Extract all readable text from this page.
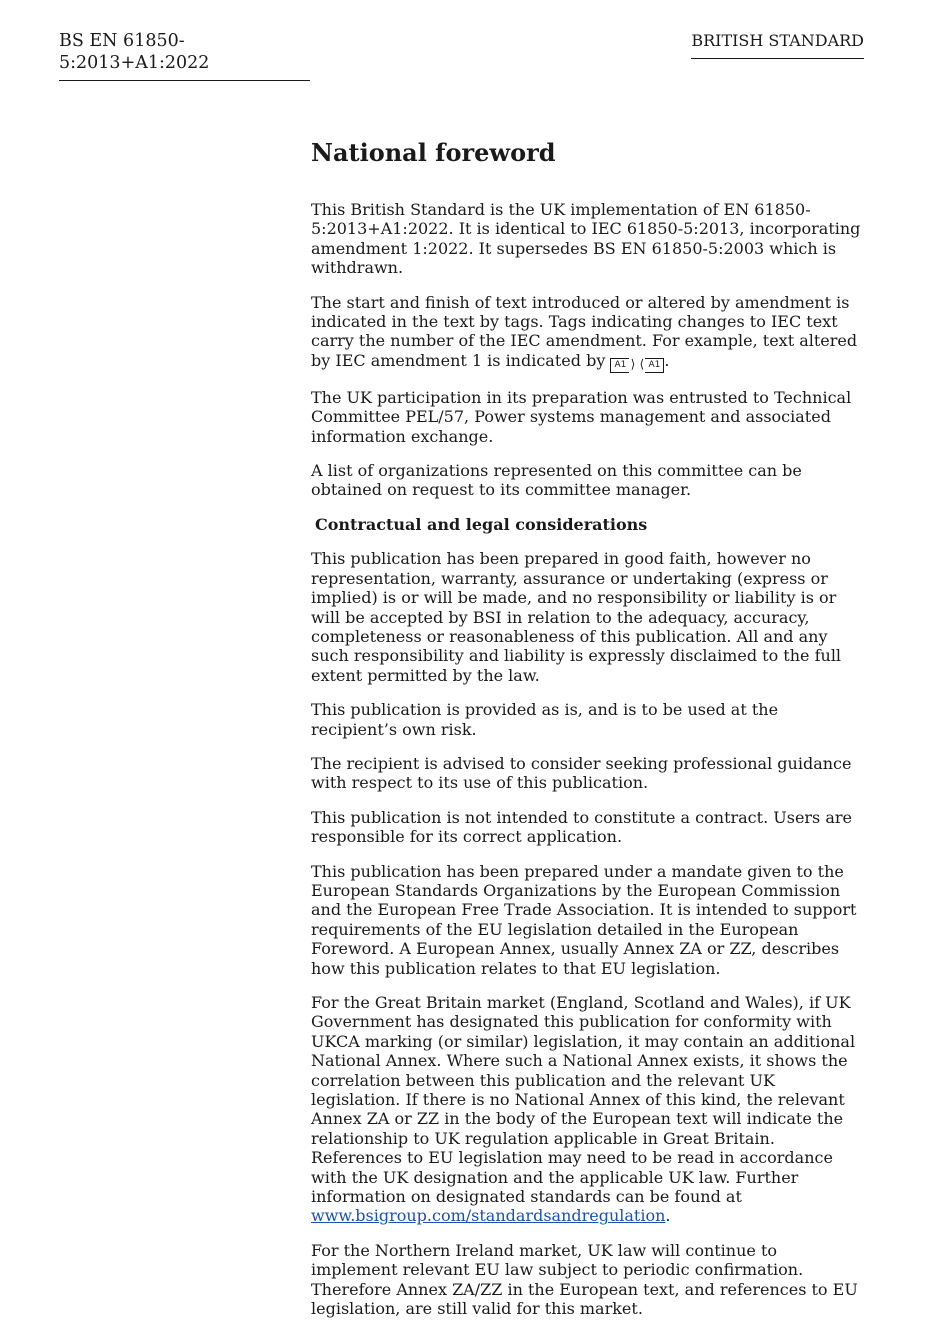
BS EN 61850-5:2013+A1:2022
BRITISH STANDARD
National foreword

This British Standard is the UK implementation of EN 61850-5:2013+A1:2022. It is identical to IEC 61850-5:2013, incorporating amendment 1:2022. It supersedes BS EN 61850-5:2003 which is withdrawn.

The start and finish of text introduced or altered by amendment is indicated in the text by tags. Tags indicating changes to IEC text carry the number of the IEC amendment. For example, text altered by IEC amendment 1 is indicated by A1 ⟩ ⟨ A1 .

The UK participation in its preparation was entrusted to Technical Committee PEL/57, Power systems management and associated information exchange.

A list of organizations represented on this committee can be obtained on request to its committee manager.

Contractual and legal considerations

This publication has been prepared in good faith, however no representation, warranty, assurance or undertaking (express or implied) is or will be made, and no responsibility or liability is or will be accepted by BSI in relation to the adequacy, accuracy, completeness or reasonableness of this publication. All and any such responsibility and liability is expressly disclaimed to the full extent permitted by the law.

This publication is provided as is, and is to be used at the recipient’s own risk.

The recipient is advised to consider seeking professional guidance with respect to its use of this publication.

This publication is not intended to constitute a contract. Users are responsible for its correct application.

This publication has been prepared under a mandate given to the European Standards Organizations by the European Commission and the European Free Trade Association. It is intended to support requirements of the EU legislation detailed in the European Foreword. A European Annex, usually Annex ZA or ZZ, describes how this publication relates to that EU legislation.

For the Great Britain market (England, Scotland and Wales), if UK Government has designated this publication for conformity with UKCA marking (or similar) legislation, it may contain an additional National Annex. Where such a National Annex exists, it shows the correlation between this publication and the relevant UK legislation. If there is no National Annex of this kind, the relevant Annex ZA or ZZ in the body of the European text will indicate the relationship to UK regulation applicable in Great Britain. References to EU legislation may need to be read in accordance with the UK designation and the applicable UK law. Further information on designated standards can be found at www.bsigroup.com/standardsandregulation.

For the Northern Ireland market, UK law will continue to implement relevant EU law subject to periodic confirmation. Therefore Annex ZA/ZZ in the European text, and references to EU legislation, are still valid for this market.
